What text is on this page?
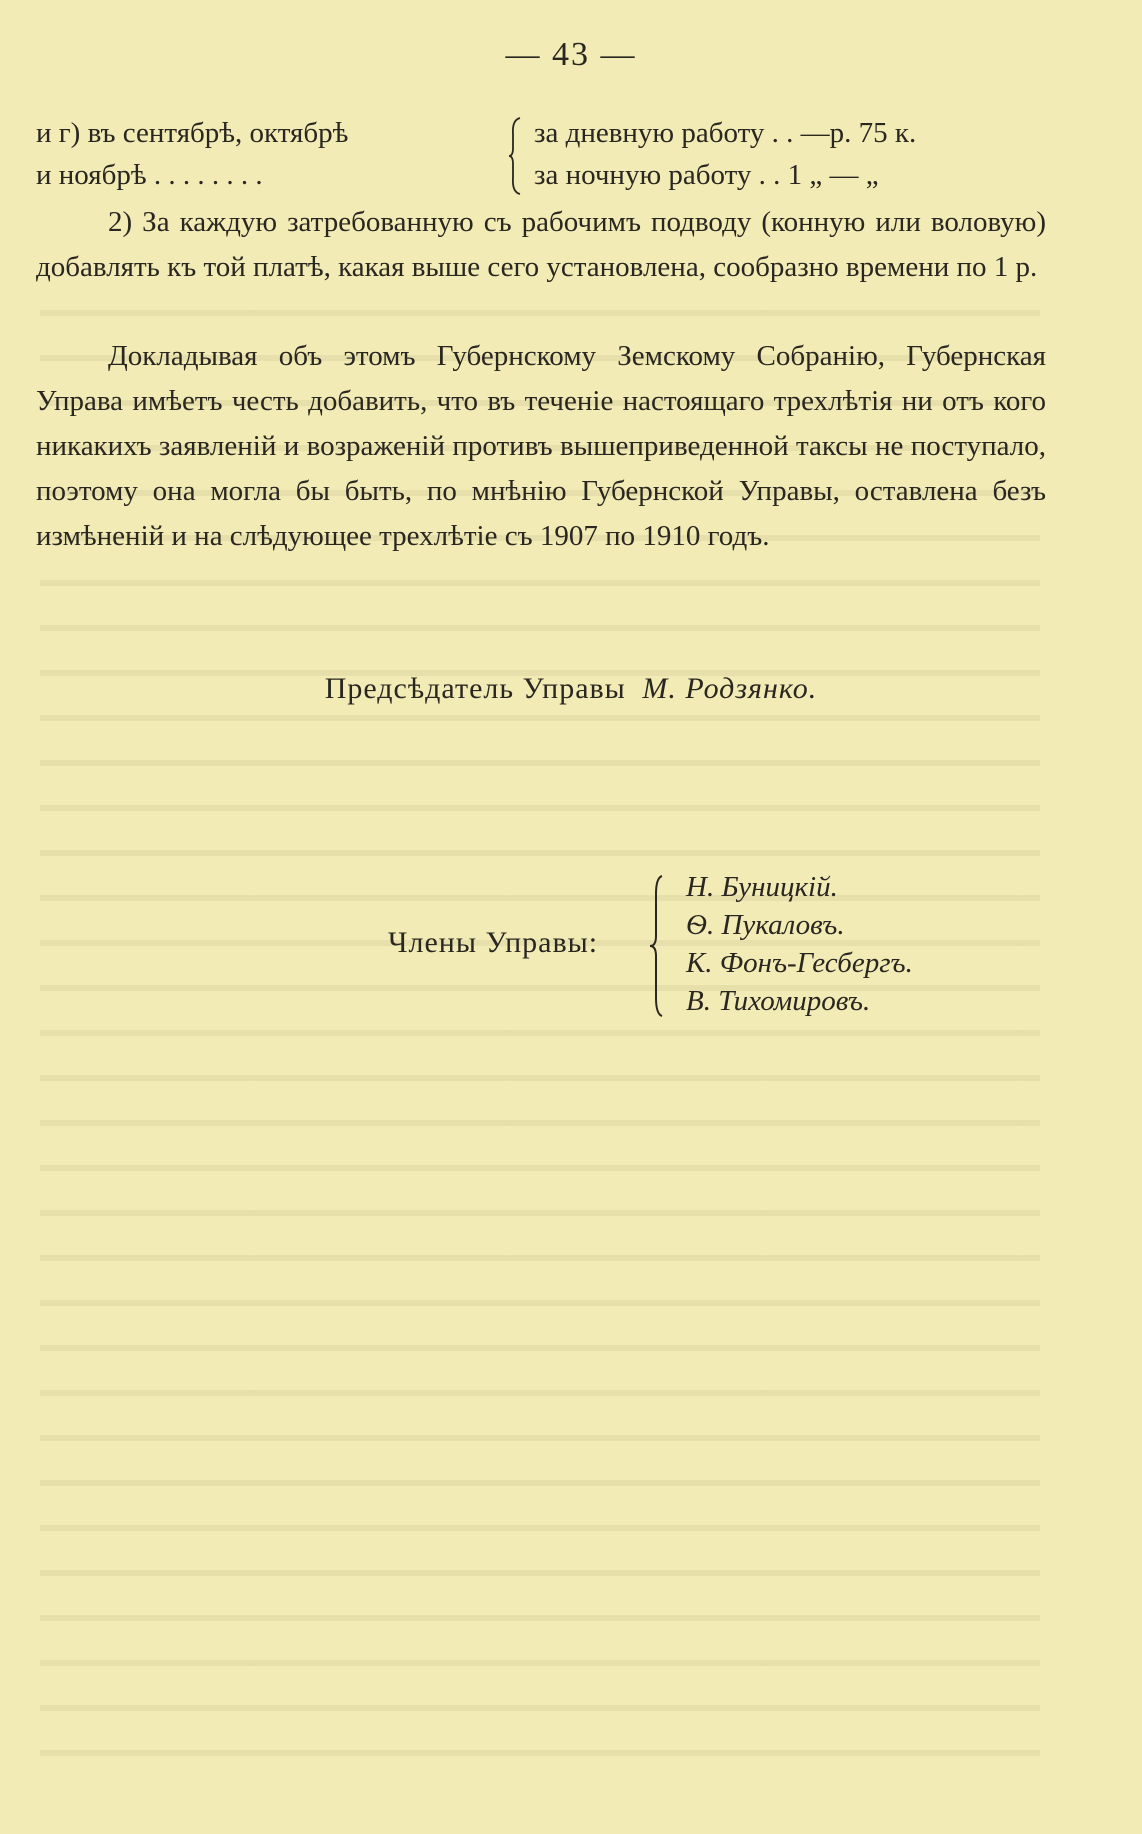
— 43 —
и г) въ сентябрѣ, октябрѣ
и ноябрѣ . . . . . . . .
за дневную работу . . —р. 75 к.
за ночную работу . . 1 „ — „

2) За каждую затребованную съ рабочимъ подводу (конную или воловую) добавлять къ той платѣ, какая выше сего установлена, сообразно времени по 1 р.

Докладывая объ этомъ Губернскому Земскому Собранію, Губернская Управа имѣетъ честь добавить, что въ теченіе настоящаго трехлѣтія ни отъ кого никакихъ заявленій и возраженій противъ вышеприведенной таксы не поступало, поэтому она могла бы быть, по мнѣнію Губернской Управы, оставлена безъ измѣненій и на слѣдующее трехлѣтіе съ 1907 по 1910 годъ.

Предсѣдатель Управы М. Родзянко.
Члены Управы:
Н. Буницкій.
Ѳ. Пукаловъ.
К. Фонъ-Гесбергъ.
В. Тихомировъ.
